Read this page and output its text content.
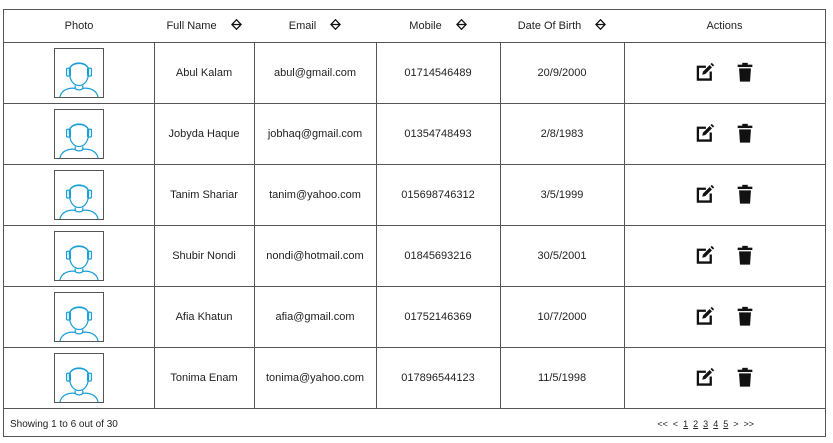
Photo	Full Name	Email	Mobile	Date Of Birth	Actions

	Abul Kalam	abul@gmail.com	01714546489	20/9/2000	

	Jobyda Haque	jobhaq@gmail.com	01354748493	2/8/1983	

	Tanim Shariar	tanim@yahoo.com	015698746312	3/5/1999	

	Shubir Nondi	nondi@hotmail.com	01845693216	30/5/2001	

	Afia Khatun	afia@gmail.com	01752146369	10/7/2000	

	Tonima Enam	tonima@yahoo.com	017896544123	11/5/1998	
Showing 1 to 6 out of 30	<< < 1 2 3 4 5 > >>
